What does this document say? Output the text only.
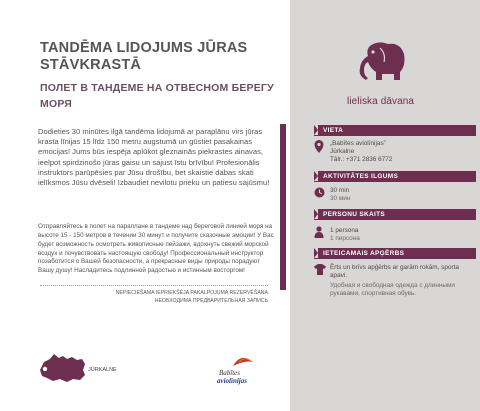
TANDĒMA LIDOJUMS JŪRAS STĀVKRASTĀ
ПОЛЕТ В ТАНДЕМЕ НА ОТВЕСНОМ БЕРЕГУ МОРЯ

Dodieties 30 minūtes ilgā tandēma lidojumā ar paraplānu virs jūras krasta līnijas 15 līdz 150 metru augstumā un gūstiet pasakainas emocijas! Jums būs iespēja aplūkot gleznainās piekrastes ainavas, ieelpot spirdzinošo jūras gaisu un sajust īstu brīvību! Profesionālis instruktors parūpēsies par Jūsu drošību, bet skaistie dabas skati ielīksmos Jūsu dvēseli! Izbaudiet nevilotu prieku un patiesu sajūsmu!

Отправляйтесь в полет на параплане в тандеме над береговой линией моря на высоте 15 - 150 метров в течении 30 минут и получите сказочные эмоции! У Вас будет возможность осмотреть живописные пейзажи, вдохнуть свежий морской воздух и почувствовать настоящую свободу! Профессиональный инструктор позаботится о Вашей безопасности, а прекрасные виды природы порадуют Вашу душу! Насладитесь подлинной радостью и истинным восторгом!

NEPIECIEŠAMA IEPRIEKŠĒJA PAKALPOJUMA REZERVĒŠANA
НЕОБХОДИМА ПРЕДВАРИТЕЛЬНАЯ ЗАПИСЬ
JŪRKALNE	Babītes
aviolīnijas
lieliska dāvana
VIETA
„Babītes aviolīnijas”
Jūrkalne
Tālr.: +371 2836 6772
AKTIVITĀTES ILGUMS
30 min
30 мин
PERSONU SKAITS
1 persona
1 персона
IETEICAMAIS APĢĒRBS
Ērts un brīvs apģērbs ar garām rokām, sporta apavi.
Удобная и свободная одежда с длинными рукавами, спортивная обувь.
